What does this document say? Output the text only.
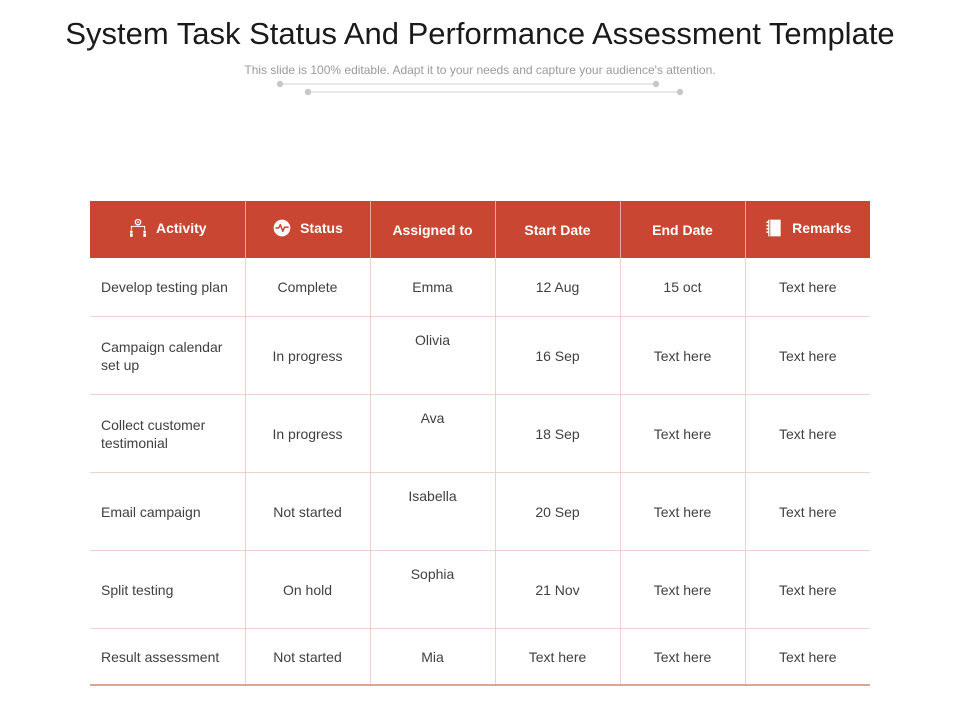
System Task Status And Performance Assessment Template
This slide is 100% editable. Adapt it to your needs and capture your audience's attention.
Activity	Status	Assigned to	Start Date	End Date	Remarks

Develop testing plan	Complete	Emma	12 Aug	15 oct	Text here
Campaign calendar set up	In progress	Olivia	16 Sep	Text here	Text here
Collect customer testimonial	In progress	Ava	18 Sep	Text here	Text here
Email campaign	Not started	Isabella	20 Sep	Text here	Text here
Split testing	On hold	Sophia	21 Nov	Text here	Text here
Result assessment	Not started	Mia	Text here	Text here	Text here
